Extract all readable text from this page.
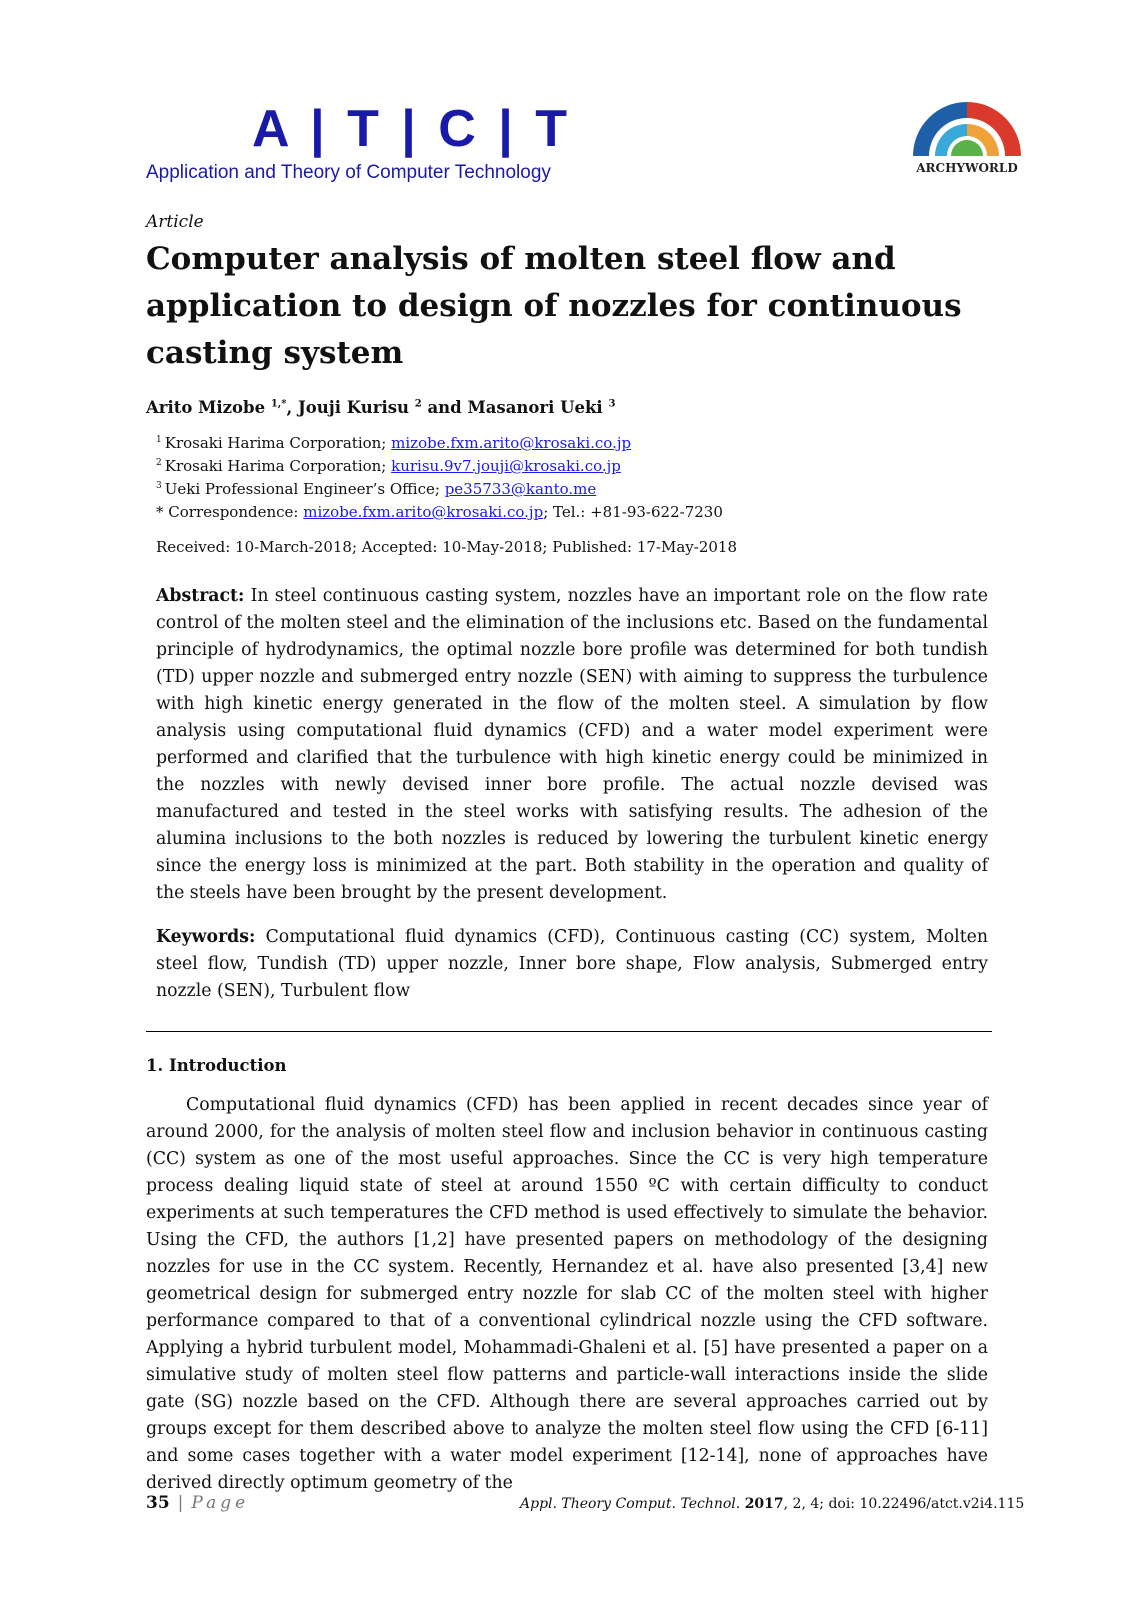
A | T | C | T
Application and Theory of Computer Technology	ARCHYWORLD
Article
Computer analysis of molten steel flow and application to design of nozzles for continuous casting system
Arito Mizobe $^{1,*}$, Jouji Kurisu $^2$ and Masanori Ueki $^3$
$^1$ Krosaki Harima Corporation; mizobe.fxm.arito@krosaki.co.jp
$^2$ Krosaki Harima Corporation; kurisu.9v7.jouji@krosaki.co.jp
$^3$ Ueki Professional Engineer’s Office; pe35733@kanto.me
* Correspondence: mizobe.fxm.arito@krosaki.co.jp; Tel.: +81-93-622-7230
Received: 10-March-2018; Accepted: 10-May-2018; Published: 17-May-2018
Abstract: In steel continuous casting system, nozzles have an important role on the flow rate control of the molten steel and the elimination of the inclusions etc. Based on the fundamental principle of hydrodynamics, the optimal nozzle bore profile was determined for both tundish (TD) upper nozzle and submerged entry nozzle (SEN) with aiming to suppress the turbulence with high kinetic energy generated in the flow of the molten steel. A simulation by flow analysis using computational fluid dynamics (CFD) and a water model experiment were performed and clarified that the turbulence with high kinetic energy could be minimized in the nozzles with newly devised inner bore profile. The actual nozzle devised was manufactured and tested in the steel works with satisfying results. The adhesion of the alumina inclusions to the both nozzles is reduced by lowering the turbulent kinetic energy since the energy loss is minimized at the part. Both stability in the operation and quality of the steels have been brought by the present development.
Keywords: Computational fluid dynamics (CFD), Continuous casting (CC) system, Molten steel flow, Tundish (TD) upper nozzle, Inner bore shape, Flow analysis, Submerged entry nozzle (SEN), Turbulent flow
1. Introduction

Computational fluid dynamics (CFD) has been applied in recent decades since year of around 2000, for the analysis of molten steel flow and inclusion behavior in continuous casting (CC) system as one of the most useful approaches. Since the CC is very high temperature process dealing liquid state of steel at around 1550 ºC with certain difficulty to conduct experiments at such temperatures the CFD method is used effectively to simulate the behavior. Using the CFD, the authors [1,2] have presented papers on methodology of the designing nozzles for use in the CC system. Recently, Hernandez et al. have also presented [3,4] new geometrical design for submerged entry nozzle for slab CC of the molten steel with higher performance compared to that of a conventional cylindrical nozzle using the CFD software. Applying a hybrid turbulent model, Mohammadi-Ghaleni et al. [5] have presented a paper on a simulative study of molten steel flow patterns and particle-wall interactions inside the slide gate (SG) nozzle based on the CFD. Although there are several approaches carried out by groups except for them described above to analyze the molten steel flow using the CFD [6-11] and some cases together with a water model experiment [12-14], none of approaches have derived directly optimum geometry of the

35 | Page	Appl. Theory Comput. Technol. 2017, 2, 4; doi: 10.22496/atct.v2i4.115
